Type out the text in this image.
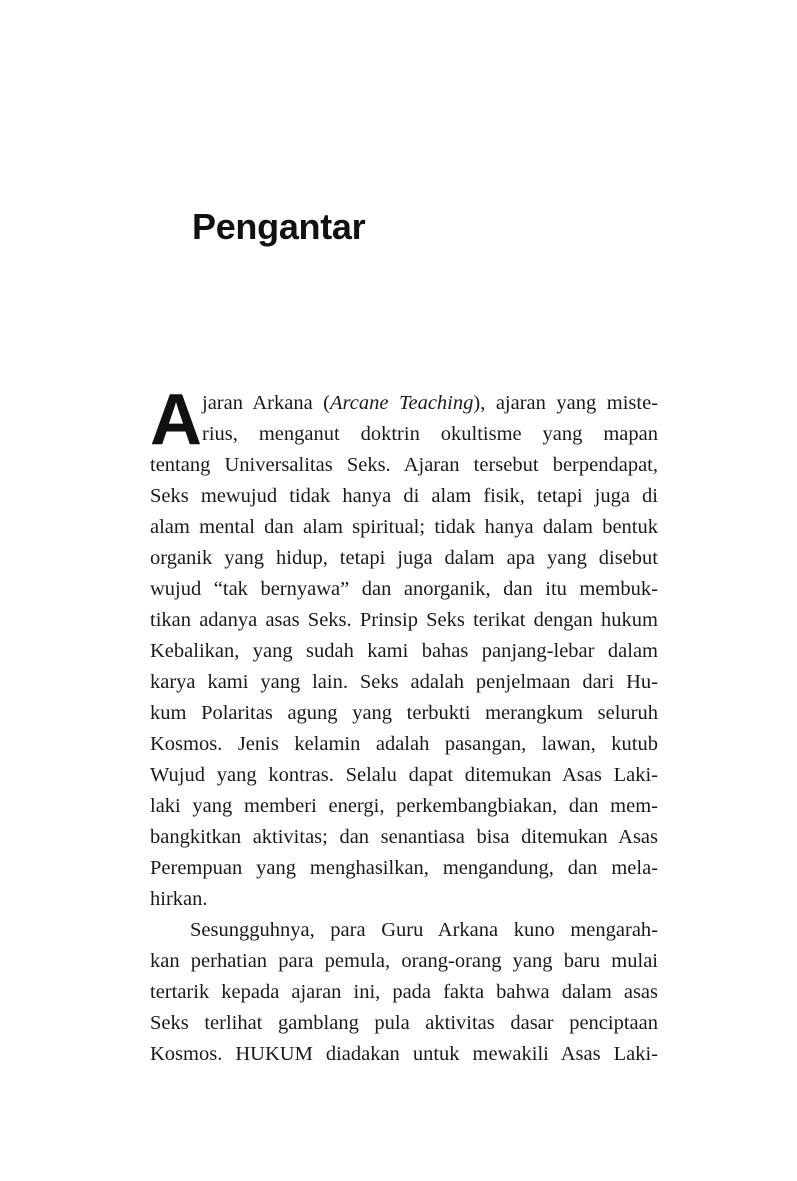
Pengantar
A jaran Arkana (Arcane Teaching), ajaran yang miste-
rius, menganut doktrin okultisme yang mapan
tentang Universalitas Seks. Ajaran tersebut berpendapat,
Seks mewujud tidak hanya di alam fisik, tetapi juga di
alam mental dan alam spiritual; tidak hanya dalam bentuk
organik yang hidup, tetapi juga dalam apa yang disebut
wujud “tak bernyawa” dan anorganik, dan itu membuk-
tikan adanya asas Seks. Prinsip Seks terikat dengan hukum
Kebalikan, yang sudah kami bahas panjang-lebar dalam
karya kami yang lain. Seks adalah penjelmaan dari Hu-
kum Polaritas agung yang terbukti merangkum seluruh
Kosmos. Jenis kelamin adalah pasangan, lawan, kutub
Wujud yang kontras. Selalu dapat ditemukan Asas Laki-
laki yang memberi energi, perkembangbiakan, dan mem-
bangkitkan aktivitas; dan senantiasa bisa ditemukan Asas
Perempuan yang menghasilkan, mengandung, dan mela-
hirkan.
Sesungguhnya, para Guru Arkana kuno mengarah-
kan perhatian para pemula, orang-orang yang baru mulai
tertarik kepada ajaran ini, pada fakta bahwa dalam asas
Seks terlihat gamblang pula aktivitas dasar penciptaan
Kosmos. HUKUM diadakan untuk mewakili Asas Laki-
